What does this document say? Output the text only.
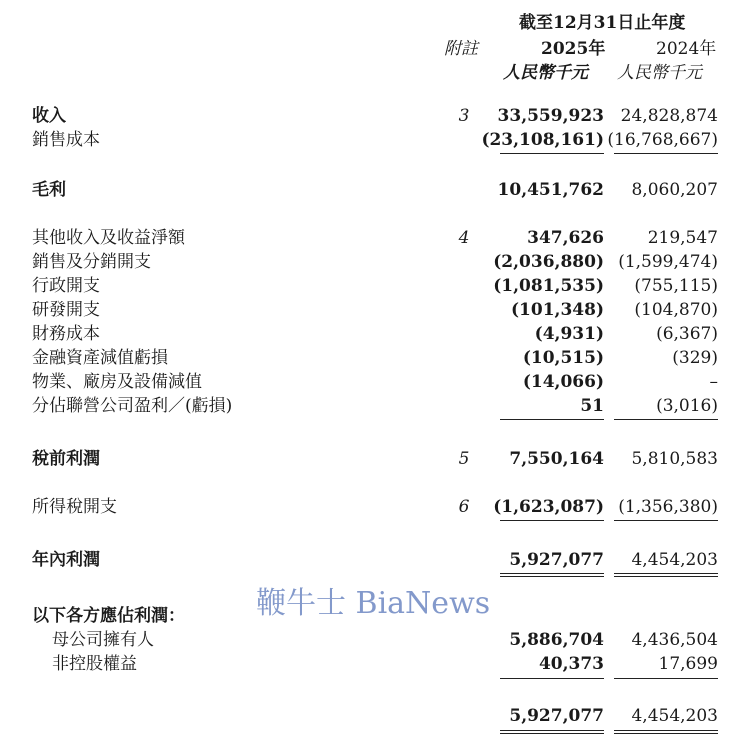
截至12月31日止年度
附註	2025年	2024年
人民幣千元 人民幣千元
收入	3 33,559,923 24,828,874
銷售成本	(23,108,161) (16,768,667)
毛利	10,451,762 8,060,207
其他收入及收益淨額	4	347,626	219,547
銷售及分銷開支	(2,036,880) (1,599,474)
行政開支	(1,081,535) (755,115)
研發開支	(101,348) (104,870)
財務成本	(4,931)	(6,367)
金融資產減值虧損	(10,515)	(329)
物業、廠房及設備減值	(14,066)	–
分佔聯營公司盈利／(虧損)	51	(3,016)
稅前利潤	5 7,550,164 5,810,583
所得稅開支	6 (1,623,087) (1,356,380)
年內利潤	5,927,077 4,454,203
鞭牛士 BiaNews
以下各方應佔利潤：
母公司擁有人	5,886,704 4,436,504
非控股權益	40,373	17,699
5,927,077 4,454,203
